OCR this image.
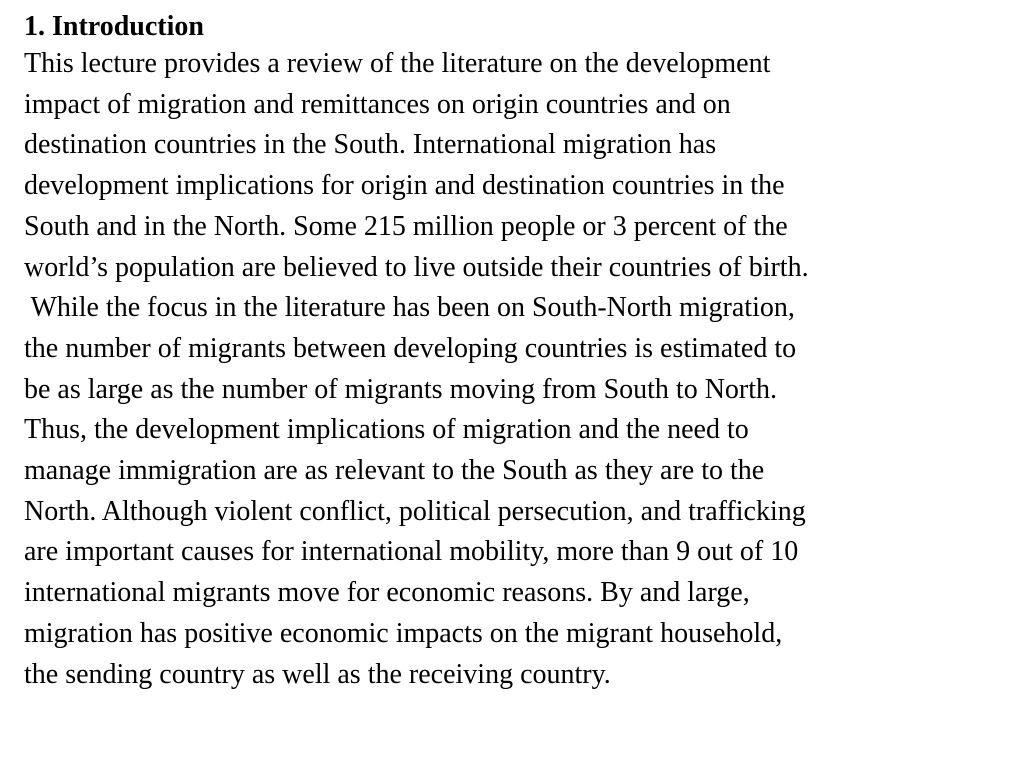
1. Introduction
This lecture provides a review of the literature on the development
impact of migration and remittances on origin countries and on
destination countries in the South. International migration has
development implications for origin and destination countries in the
South and in the North. Some 215 million people or 3 percent of the
world’s population are believed to live outside their countries of birth.
While the focus in the literature has been on South-North migration,
the number of migrants between developing countries is estimated to
be as large as the number of migrants moving from South to North.
Thus, the development implications of migration and the need to
manage immigration are as relevant to the South as they are to the
North. Although violent conflict, political persecution, and trafficking
are important causes for international mobility, more than 9 out of 10
international migrants move for economic reasons. By and large,
migration has positive economic impacts on the migrant household,
the sending country as well as the receiving country.
